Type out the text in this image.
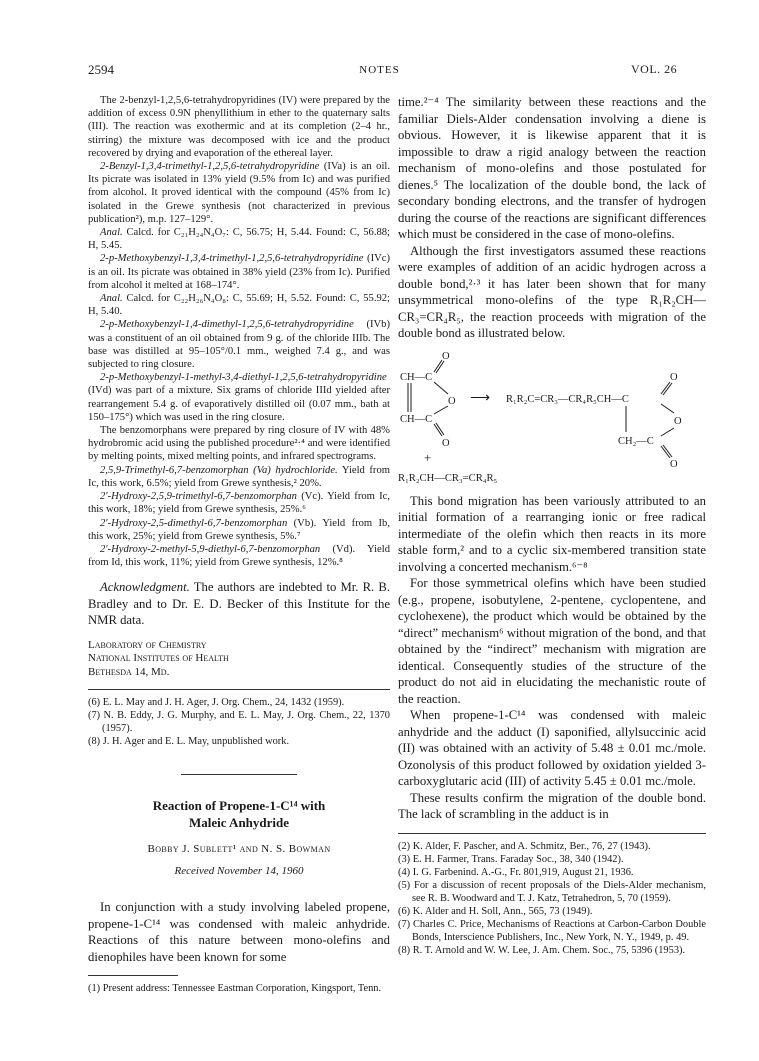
2594	NOTES	VOL. 26

The 2-benzyl-1,2,5,6-tetrahydropyridines (IV) were prepared by the addition of excess 0.9N phenyllithium in ether to the quaternary salts (III). The reaction was exothermic and at its completion (2–4 hr., stirring) the mixture was decomposed with ice and the product recovered by drying and evaporation of the ethereal layer.

2-Benzyl-1,3,4-trimethyl-1,2,5,6-tetrahydropyridine (IVa) is an oil. Its picrate was isolated in 13% yield (9.5% from Ic) and was purified from alcohol. It proved identical with the compound (45% from Ic) isolated in the Grewe synthesis (not characterized in previous publication²), m.p. 127–129°.

Anal. Calcd. for C₂₁H₂₄N₄O₇: C, 56.75; H, 5.44. Found: C, 56.88; H, 5.45.

2-p-Methoxybenzyl-1,3,4-trimethyl-1,2,5,6-tetrahydropyridine (IVc) is an oil. Its picrate was obtained in 38% yield (23% from Ic). Purified from alcohol it melted at 168–174°.

Anal. Calcd. for C₂₂H₂₆N₄O₈: C, 55.69; H, 5.52. Found: C, 55.92; H, 5.40.

2-p-Methoxybenzyl-1,4-dimethyl-1,2,5,6-tetrahydropyridine (IVb) was a constituent of an oil obtained from 9 g. of the chloride IIIb. The base was distilled at 95–105°/0.1 mm., weighed 7.4 g., and was subjected to ring closure.

2-p-Methoxybenzyl-1-methyl-3,4-diethyl-1,2,5,6-tetrahydropyridine (IVd) was part of a mixture. Six grams of chloride IIId yielded after rearrangement 5.4 g. of evaporatively distilled oil (0.07 mm., bath at 150–175°) which was used in the ring closure.

The benzomorphans were prepared by ring closure of IV with 48% hydrobromic acid using the published procedure²·⁴ and were identified by melting points, mixed melting points, and infrared spectrograms.

2,5,9-Trimethyl-6,7-benzomorphan (Va) hydrochloride. Yield from Ic, this work, 6.5%; yield from Grewe synthesis,² 20%.

2′-Hydroxy-2,5,9-trimethyl-6,7-benzomorphan (Vc). Yield from Ic, this work, 18%; yield from Grewe synthesis, 25%.⁶

2′-Hydroxy-2,5-dimethyl-6,7-benzomorphan (Vb). Yield from Ib, this work, 25%; yield from Grewe synthesis, 5%.⁷

2′-Hydroxy-2-methyl-5,9-diethyl-6,7-benzomorphan (Vd). Yield from Id, this work, 11%; yield from Grewe synthesis, 12%.⁸

Acknowledgment. The authors are indebted to Mr. R. B. Bradley and to Dr. E. D. Becker of this Institute for the NMR data.

Laboratory of Chemistry
National Institutes of Health
Bethesda 14, Md.

(6) E. L. May and J. H. Ager, J. Org. Chem., 24, 1432 (1959).

(7) N. B. Eddy, J. G. Murphy, and E. L. May, J. Org. Chem., 22, 1370 (1957).

(8) J. H. Ager and E. L. May, unpublished work.

Reaction of Propene-1-C¹⁴ with

Maleic Anhydride

Bobby J. Sublett¹ and N. S. Bowman
Received November 14, 1960

In conjunction with a study involving labeled propene, propene-1-C¹⁴ was condensed with maleic anhydride. Reactions of this nature between mono-olefins and dienophiles have been known for some

(1) Present address: Tennessee Eastman Corporation, Kingsport, Tenn.

time.²⁻⁴ The similarity between these reactions and the familiar Diels-Alder condensation involving a diene is obvious. However, it is likewise apparent that it is impossible to draw a rigid analogy between the reaction mechanism of mono-olefins and those postulated for dienes.⁵ The localization of the double bond, the lack of secondary bonding electrons, and the transfer of hydrogen during the course of the reactions are significant differences which must be considered in the case of mono-olefins.

Although the first investigators assumed these reactions were examples of addition of an acidic hydrogen across a double bond,²·³ it has later been shown that for many unsymmetrical mono-olefins of the type R₁R₂CH—CR₃=CR₄R₅, the reaction proceeds with migration of the double bond as illustrated below.

CH—C
CH—C
O
O
O
⟶ R₁R₂C=CR₃—CR₄R₅CH—C
O
O
CH₂—C
O
+
R₁R₂CH—CR₃=CR₄R₅

This bond migration has been variously attributed to an initial formation of a rearranging ionic or free radical intermediate of the olefin which then reacts in its more stable form,² and to a cyclic six-membered transition state involving a concerted mechanism.⁶⁻⁸

For those symmetrical olefins which have been studied (e.g., propene, isobutylene, 2-pentene, cyclopentene, and cyclohexene), the product which would be obtained by the “direct” mechanism⁶ without migration of the bond, and that obtained by the “indirect” mechanism with migration are identical. Consequently studies of the structure of the product do not aid in elucidating the mechanistic route of the reaction.

When propene-1-C¹⁴ was condensed with maleic anhydride and the adduct (I) saponified, allylsuccinic acid (II) was obtained with an activity of 5.48 ± 0.01 mc./mole. Ozonolysis of this product followed by oxidation yielded 3-carboxyglutaric acid (III) of activity 5.45 ± 0.01 mc./mole.

These results confirm the migration of the double bond. The lack of scrambling in the adduct is in

(2) K. Alder, F. Pascher, and A. Schmitz, Ber., 76, 27 (1943).

(3) E. H. Farmer, Trans. Faraday Soc., 38, 340 (1942).

(4) I. G. Farbenind. A.-G., Fr. 801,919, August 21, 1936.

(5) For a discussion of recent proposals of the Diels-Alder mechanism, see R. B. Woodward and T. J. Katz, Tetrahedron, 5, 70 (1959).

(6) K. Alder and H. Soll, Ann., 565, 73 (1949).

(7) Charles C. Price, Mechanisms of Reactions at Carbon-Carbon Double Bonds, Interscience Publishers, Inc., New York, N. Y., 1949, p. 49.

(8) R. T. Arnold and W. W. Lee, J. Am. Chem. Soc., 75, 5396 (1953).
